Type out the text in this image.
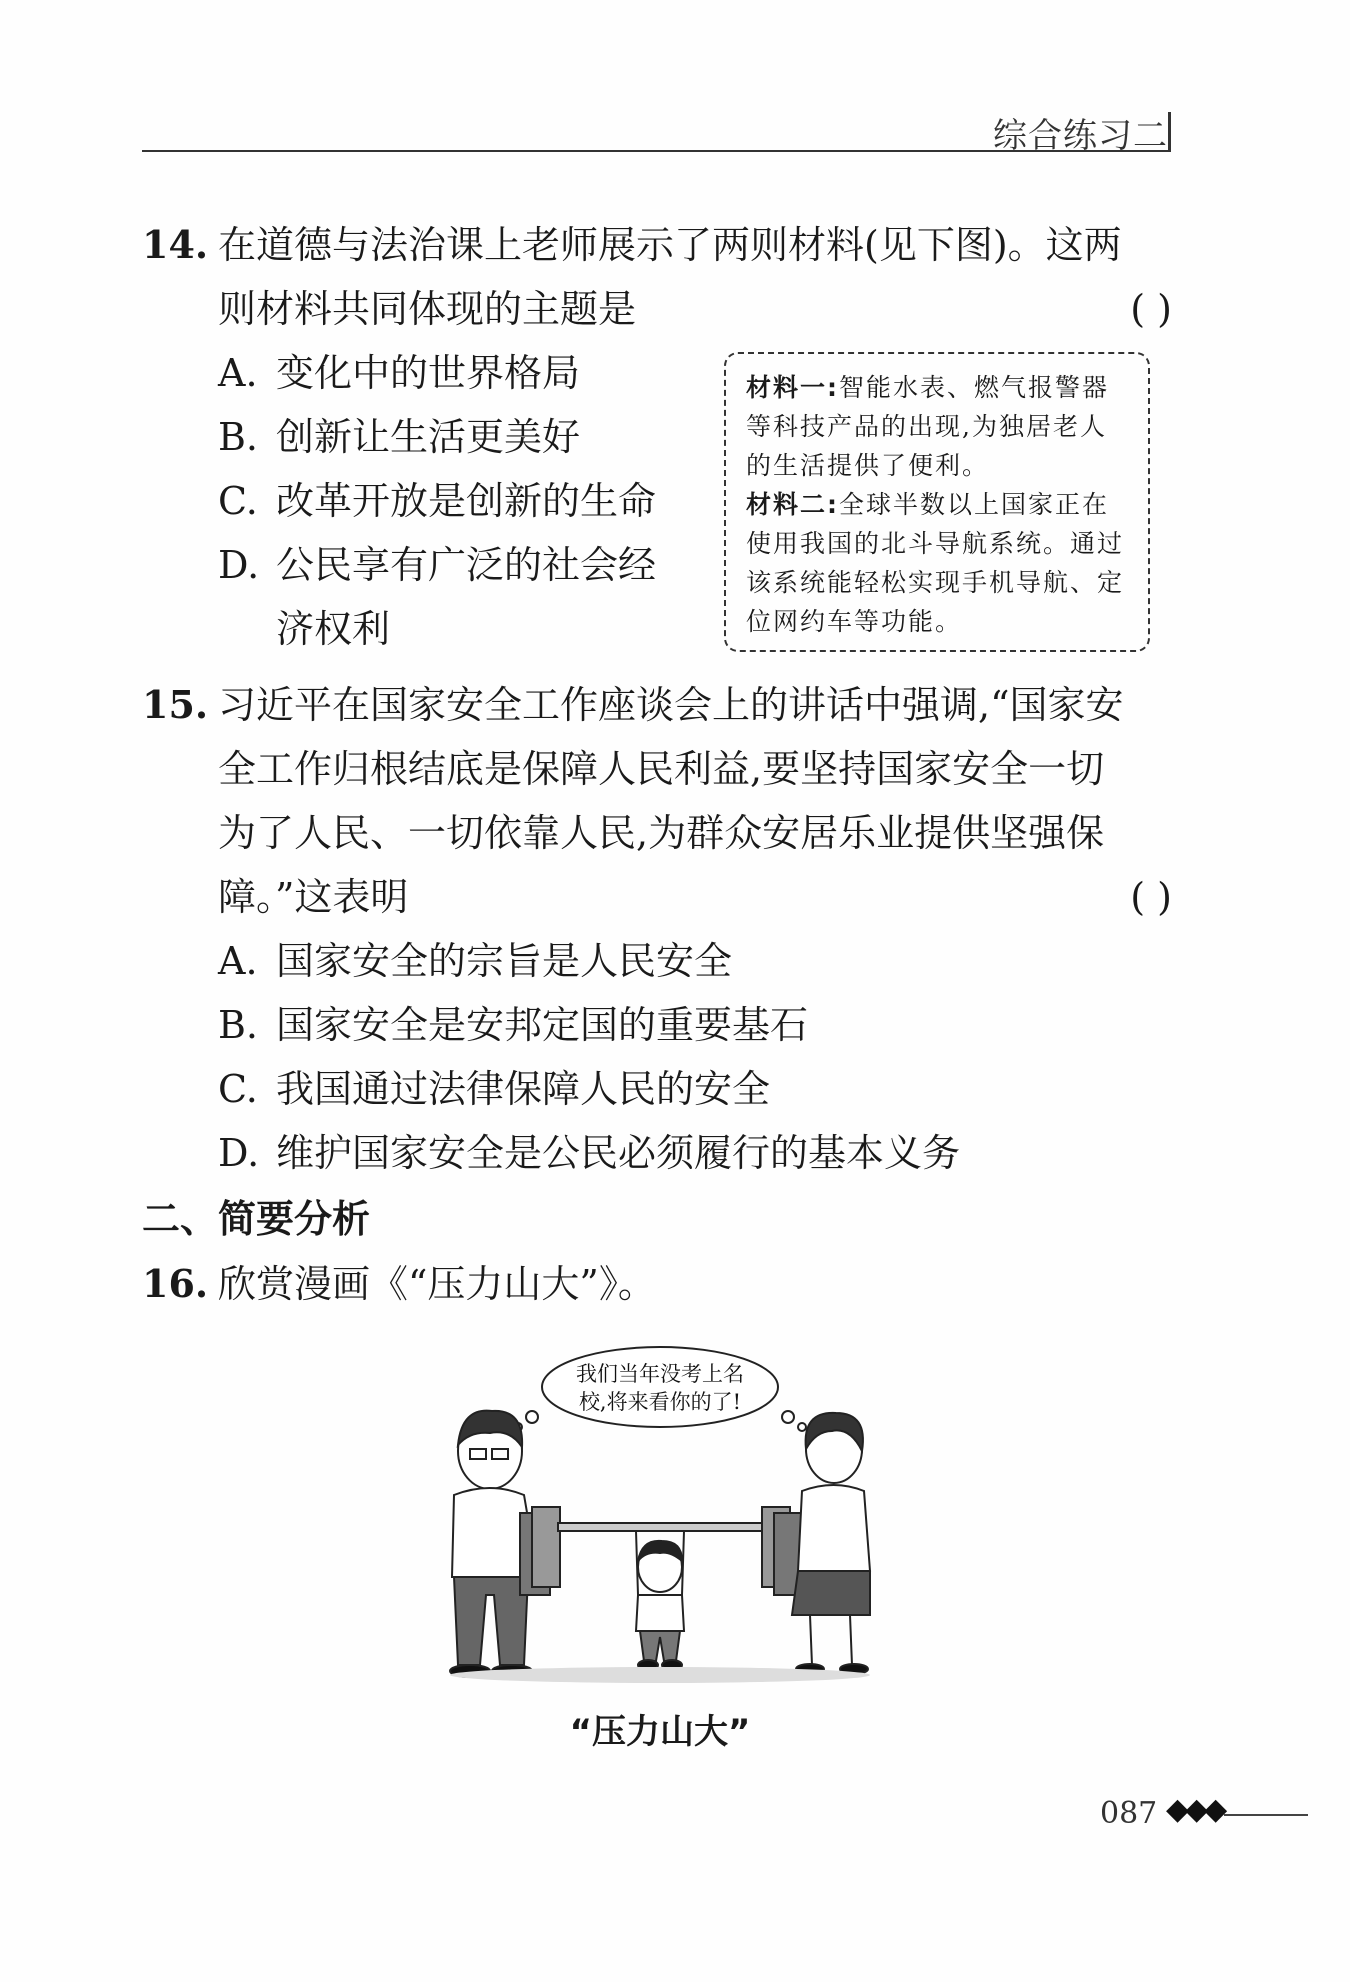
综合练习二
14. 在道德与法治课上老师展示了两则材料(见下图)。这两
则材料共同体现的主题是	( )
A. 变化中的世界格局
B. 创新让生活更美好
C. 改革开放是创新的生命
D. 公民享有广泛的社会经
济权利

材料一:智能水表、燃气报警器等科技产品的出现,为独居老人的生活提供了便利。

材料二:全球半数以上国家正在使用我国的北斗导航系统。通过该系统能轻松实现手机导航、定位网约车等功能。

15. 习近平在国家安全工作座谈会上的讲话中强调,“国家安
全工作归根结底是保障人民利益,要坚持国家安全一切
为了人民、一切依靠人民,为群众安居乐业提供坚强保
障。”这表明	( )
A. 国家安全的宗旨是人民安全
B. 国家安全是安邦定国的重要基石
C. 我国通过法律保障人民的安全
D. 维护国家安全是公民必须履行的基本义务
二、简要分析
16. 欣赏漫画《“压力山大”》。
我们当年没考上名
校,将来看你的了!
“压力山大”
087 ◆◆◆
